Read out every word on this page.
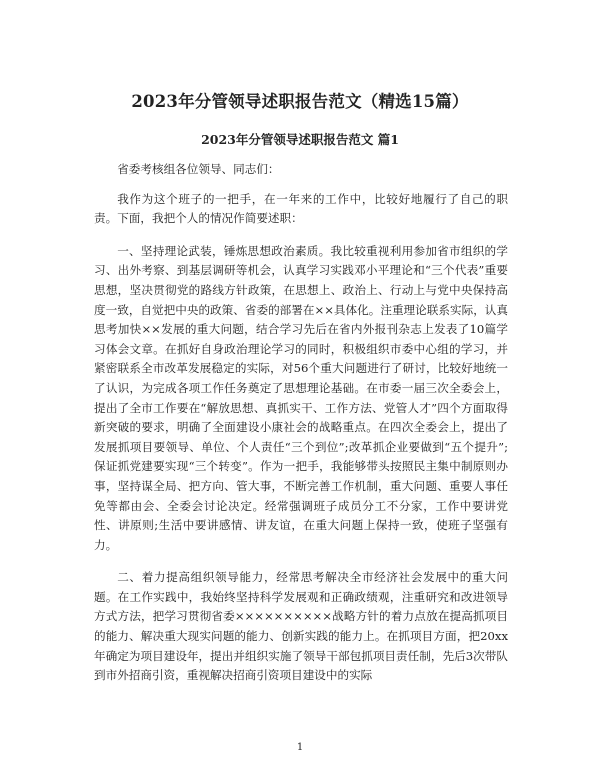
2023年分管领导述职报告范文（精选15篇）
2023年分管领导述职报告范文 篇1

省委考核组各位领导、同志们：

我作为这个班子的一把手，在一年来的工作中，比较好地履行了自己的职责。下面，我把个人的情况作简要述职：

一、坚持理论武装，锤炼思想政治素质。我比较重视利用参加省市组织的学习、出外考察、到基层调研等机会，认真学习实践邓小平理论和“三个代表”重要思想，坚决贯彻党的路线方针政策，在思想上、政治上、行动上与党中央保持高度一致，自觉把中央的政策、省委的部署在××具体化。注重理论联系实际，认真思考加快××发展的重大问题，结合学习先后在省内外报刊杂志上发表了10篇学习体会文章。在抓好自身政治理论学习的同时，积极组织市委中心组的学习，并紧密联系全市改革发展稳定的实际，对56个重大问题进行了研讨，比较好地统一了认识，为完成各项工作任务奠定了思想理论基础。在市委一届三次全委会上，提出了全市工作要在“解放思想、真抓实干、工作方法、党管人才”四个方面取得新突破的要求，明确了全面建设小康社会的战略重点。在四次全委会上，提出了发展抓项目要领导、单位、个人责任“三个到位”;改革抓企业要做到“五个提升”;保证抓党建要实现“三个转变”。作为一把手，我能够带头按照民主集中制原则办事，坚持谋全局、把方向、管大事，不断完善工作机制，重大问题、重要人事任免等都由会、全委会讨论决定。经常强调班子成员分工不分家，工作中要讲党性、讲原则;生活中要讲感情、讲友谊，在重大问题上保持一致，使班子坚强有力。

二、着力提高组织领导能力，经常思考解决全市经济社会发展中的重大问题。在工作实践中，我始终坚持科学发展观和正确政绩观，注重研究和改进领导方式方法，把学习贯彻省委××××××××××战略方针的着力点放在提高抓项目的能力、解决重大现实问题的能力、创新实践的能力上。在抓项目方面，把20xx年确定为项目建设年，提出并组织实施了领导干部包抓项目责任制，先后3次带队到市外招商引资，重视解决招商引资项目建设中的实际

1
